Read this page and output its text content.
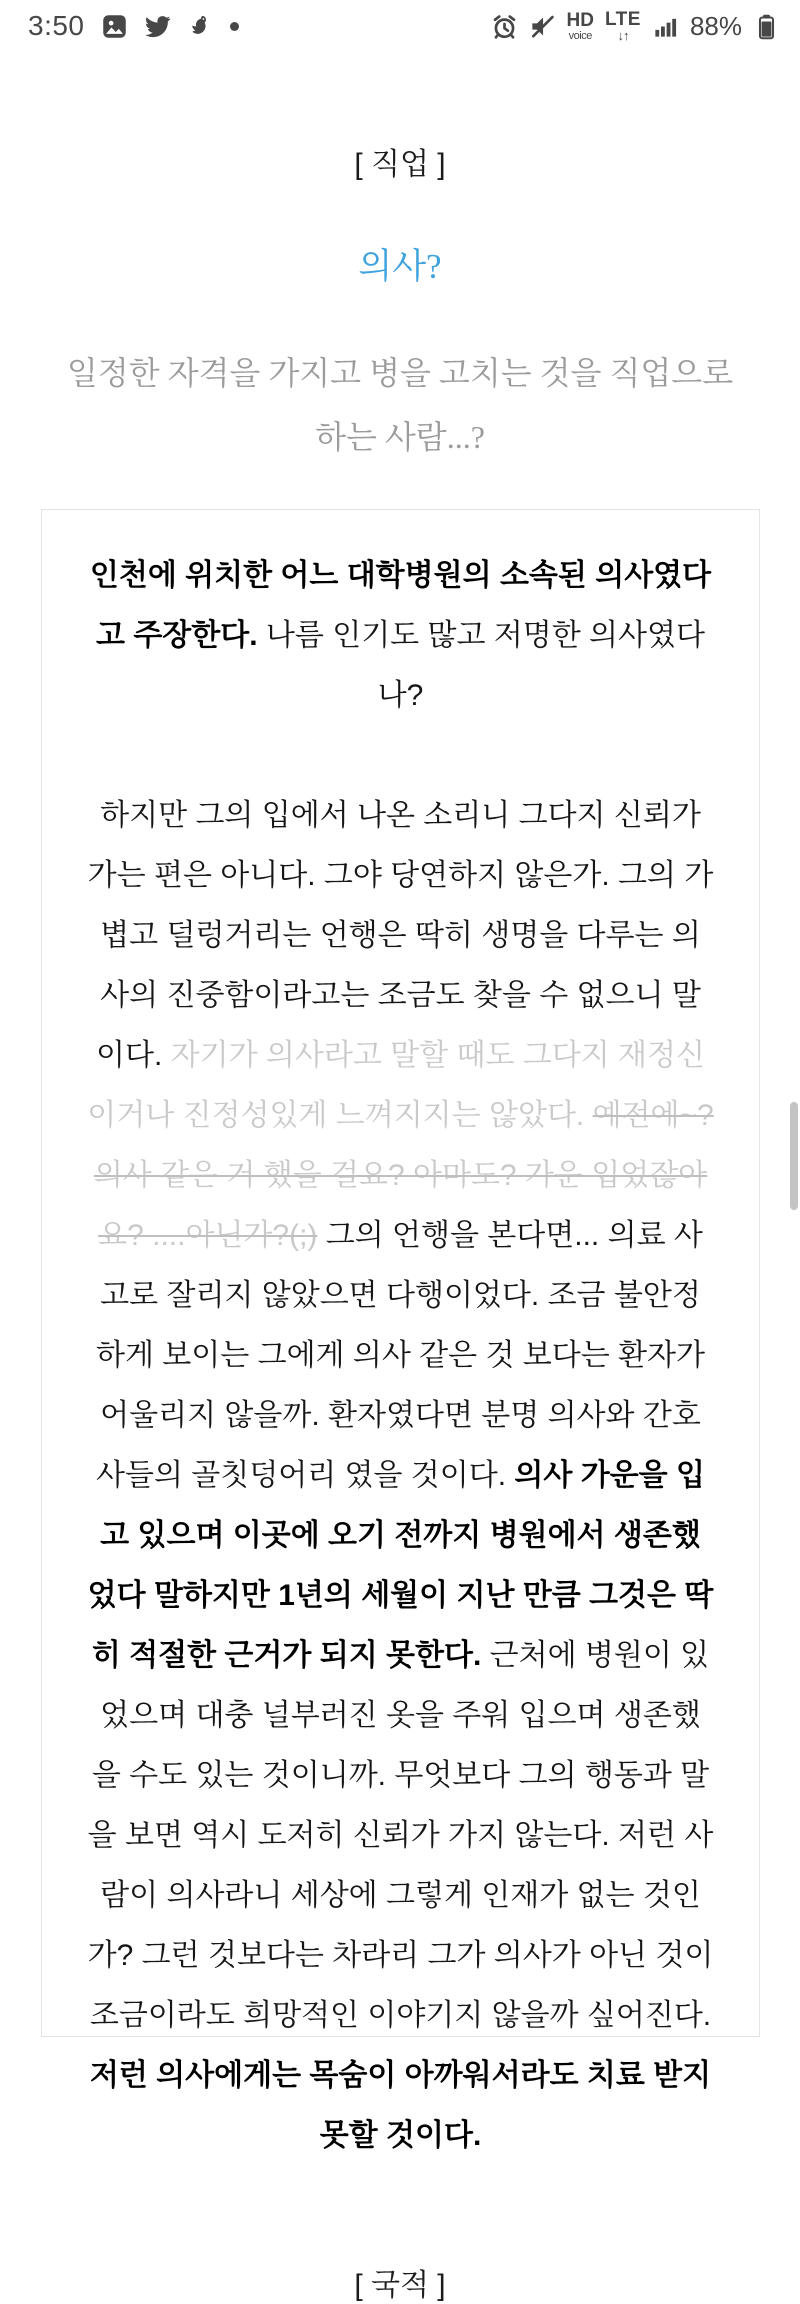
3:50	HD
voice
LTE
↓↑ 88%
[ 직업 ]
의사?
일정한 자격을 가지고 병을 고치는 것을 직업으로
하는 사람...?

인천에 위치한 어느 대학병원의 소속된 의사였다고 주장한다. 나름 인기도 많고 저명한 의사였다나?

하지만 그의 입에서 나온 소리니 그다지 신뢰가 가는 편은 아니다. 그야 당연하지 않은가. 그의 가볍고 덜렁거리는 언행은 딱히 생명을 다루는 의사의 진중함이라고는 조금도 찾을 수 없으니 말이다. 자기가 의사라고 말할 때도 그다지 재정신이거나 진정성있게 느껴지지는 않았다. 예전에~? 의사 같은 거 했을 걸요? 아마도? 가운 입었잖아요? ....아닌가?(;) 그의 언행을 본다면... 의료 사고로 잘리지 않았으면 다행이었다. 조금 불안정하게 보이는 그에게 의사 같은 것 보다는 환자가 어울리지 않을까. 환자였다면 분명 의사와 간호사들의 골칫덩어리 였을 것이다. 의사 가운을 입고 있으며 이곳에 오기 전까지 병원에서 생존했었다 말하지만 1년의 세월이 지난 만큼 그것은 딱히 적절한 근거가 되지 못한다. 근처에 병원이 있었으며 대충 널부러진 옷을 주워 입으며 생존했을 수도 있는 것이니까. 무엇보다 그의 행동과 말을 보면 역시 도저히 신뢰가 가지 않는다. 저런 사람이 의사라니 세상에 그렇게 인재가 없는 것인가? 그런 것보다는 차라리 그가 의사가 아닌 것이 조금이라도 희망적인 이야기지 않을까 싶어진다. 저런 의사에게는 목숨이 아까워서라도 치료 받지 못할 것이다.

[ 국적 ]
